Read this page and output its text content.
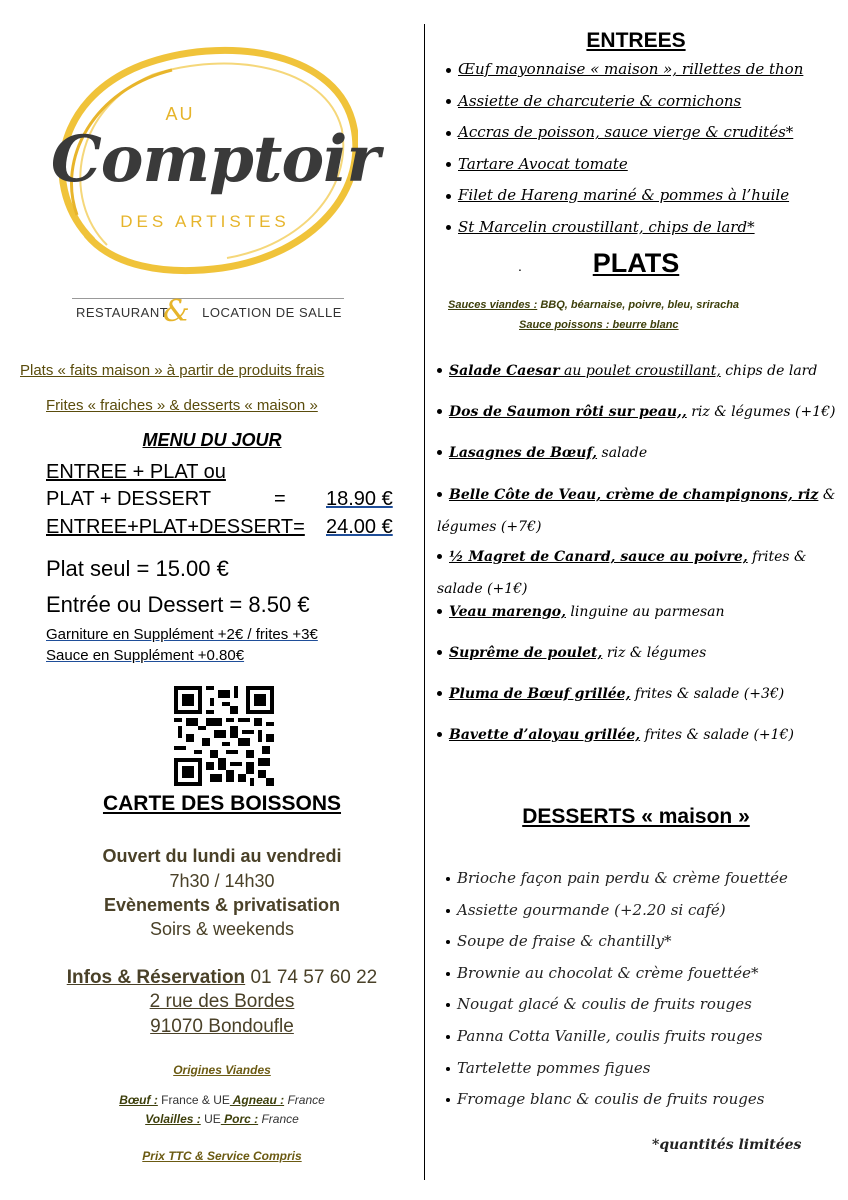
AU
Comptoir
DES ARTISTES
RESTAURANT	LOCATION DE SALLE
&
Plats « faits maison » à partir de produits frais
Frites « fraiches » & desserts « maison »
MENU DU JOUR
ENTREE + PLAT ou
PLAT + DESSERT	= 18.90 €
ENTREE+PLAT+DESSERT= 24.00 €
Plat seul = 15.00 €
Entrée ou Dessert = 8.50 €
Garniture en Supplément +2€ / frites +3€
Sauce en Supplément +0.80€
CARTE DES BOISSONS
Ouvert du lundi au vendredi
7h30 / 14h30
Evènements & privatisation
Soirs & weekends
Infos & Réservation 01 74 57 60 22
2 rue des Bordes
91070 Bondoufle
Origines Viandes
Bœuf : France & UE Agneau : France
Volailles : UE Porc : France
Prix TTC & Service Compris
ENTREES
Œuf mayonnaise « maison », rillettes de thon
Assiette de charcuterie & cornichons
Accras de poisson, sauce vierge & crudités*
Tartare Avocat tomate
Filet de Hareng mariné & pommes à l’huile
St Marcelin croustillant, chips de lard*
.	PLATS
Sauces viandes : BBQ, béarnaise, poivre, bleu, sriracha
Sauce poissons : beurre blanc
Salade Caesar au poulet croustillant, chips de lard
Dos de Saumon rôti sur peau,, riz & légumes (+1€)
Lasagnes de Bœuf, salade
Belle Côte de Veau, crème de champignons, riz & légumes (+7€)
½ Magret de Canard, sauce au poivre, frites & salade (+1€)
Veau marengo, linguine au parmesan
Suprême de poulet, riz & légumes
Pluma de Bœuf grillée, frites & salade (+3€)
Bavette d’aloyau grillée, frites & salade (+1€)
DESSERTS « maison »
Brioche façon pain perdu & crème fouettée
Assiette gourmande (+2.20 si café)
Soupe de fraise & chantilly*
Brownie au chocolat & crème fouettée*
Nougat glacé & coulis de fruits rouges
Panna Cotta Vanille, coulis fruits rouges
Tartelette pommes figues
Fromage blanc & coulis de fruits rouges
*quantités limitées
